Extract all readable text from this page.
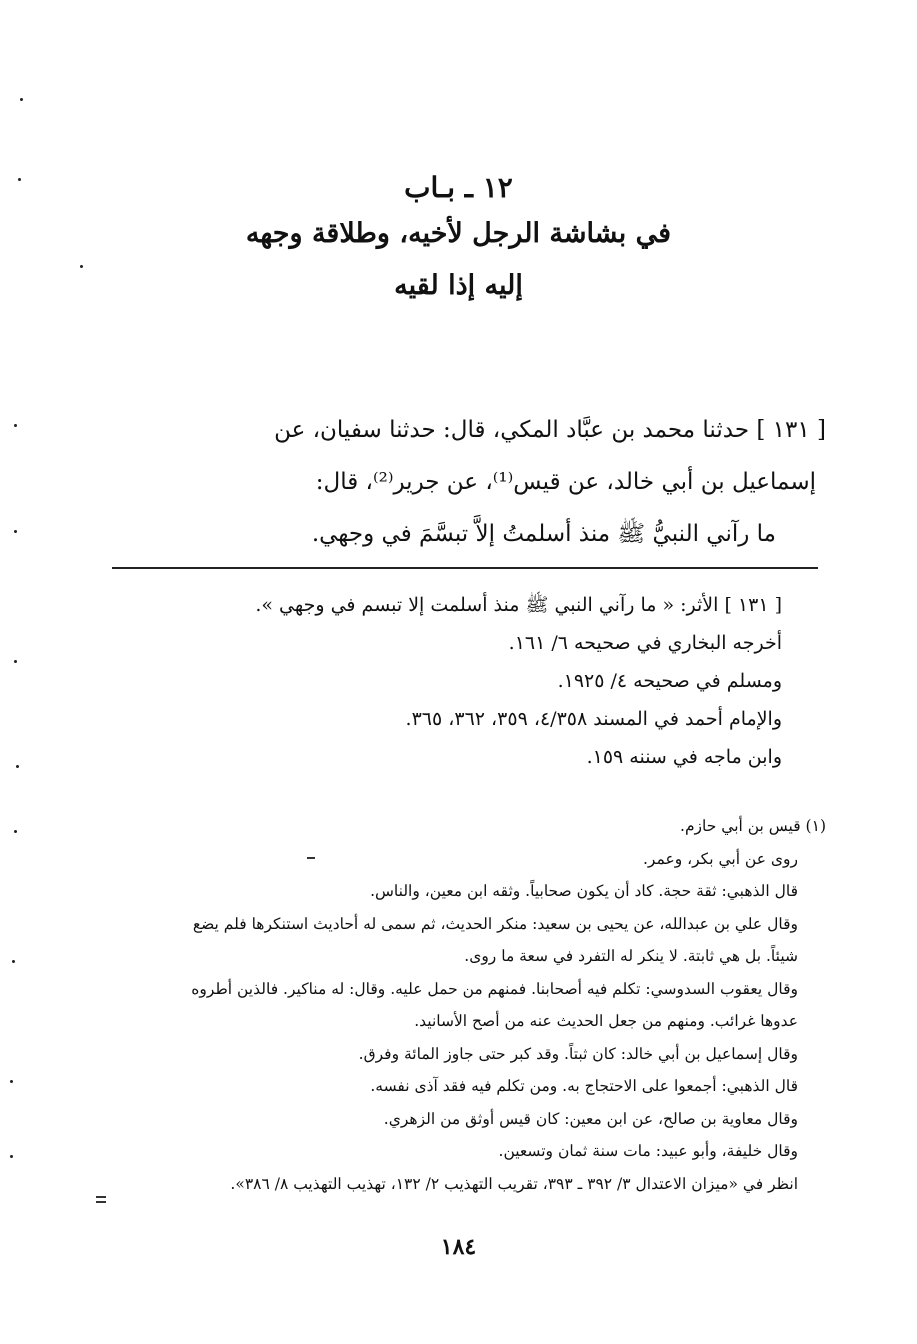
١٢ ـ بـاب

في بشاشة الرجل لأخيه، وطلاقة وجهه

إليه إذا لقيه

[ ١٣١ ] حدثنا محمد بن عبَّاد المكي، قال: حدثنا سفيان، عن

إسماعيل بن أبي خالد، عن قيس⁽¹⁾، عن جرير⁽²⁾، قال:

ما رآني النبيُّ ﷺ منذ أسلمتُ إلاَّ تبسَّمَ في وجهي.

[ ١٣١ ] الأثر: « ما رآني النبي ﷺ منذ أسلمت إلا تبسم في وجهي ».

أخرجه البخاري في صحيحه ٦/ ١٦١.

ومسلم في صحيحه ٤/ ١٩٢٥.

والإمام أحمد في المسند ٤/٣٥٨، ٣٥٩، ٣٦٢، ٣٦٥.

وابن ماجه في سننه ١٥٩.

(١) قيس بن أبي حازم.

روى عن أبي بكر، وعمر.

قال الذهبي: ثقة حجة. كاد أن يكون صحابياً. وثقه ابن معين، والناس.

وقال علي بن عبدالله، عن يحيى بن سعيد: منكر الحديث، ثم سمى له أحاديث استنكرها فلم يضع

شيئاً. بل هي ثابتة. لا ينكر له التفرد في سعة ما روى.

وقال يعقوب السدوسي: تكلم فيه أصحابنا. فمنهم من حمل عليه. وقال: له مناكير. فالذين أطروه

عدوها غرائب. ومنهم من جعل الحديث عنه من أصح الأسانيد.

وقال إسماعيل بن أبي خالد: كان ثبتاً. وقد كبر حتى جاوز المائة وفرق.

قال الذهبي: أجمعوا على الاحتجاج به. ومن تكلم فيه فقد آذى نفسه.

وقال معاوية بن صالح، عن ابن معين: كان قيس أوثق من الزهري.

وقال خليفة، وأبو عبيد: مات سنة ثمان وتسعين.

انظر في «ميزان الاعتدال ٣/ ٣٩٢ ـ ٣٩٣، تقريب التهذيب ٢/ ١٣٢، تهذيب التهذيب ٨/ ٣٨٦».

١٨٤
